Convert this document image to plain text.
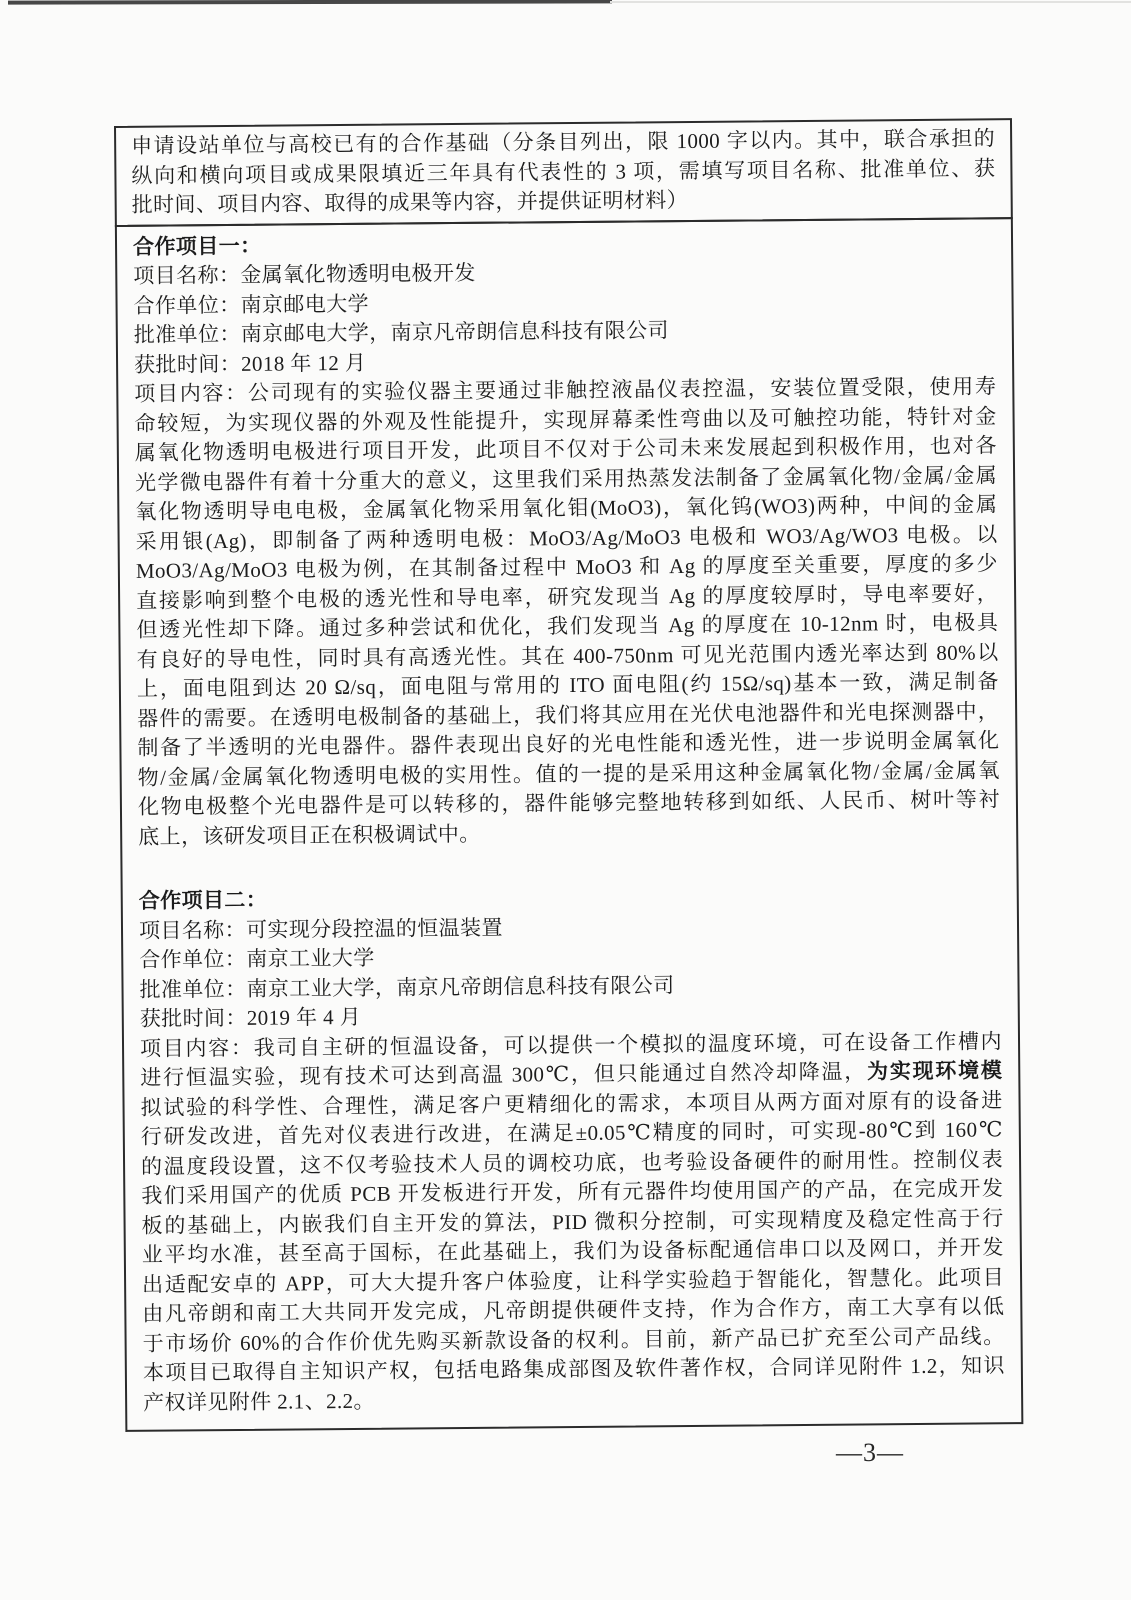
申请设站单位与高校已有的合作基础（分条目列出，限 1000 字以内。其中，联合承担的
纵向和横向项目或成果限填近三年具有代表性的 3 项，需填写项目名称、批准单位、获
批时间、项目内容、取得的成果等内容，并提供证明材料）
合作项目一：
项目名称：金属氧化物透明电极开发
合作单位：南京邮电大学
批准单位：南京邮电大学，南京凡帝朗信息科技有限公司
获批时间：2018 年 12 月
项目内容：公司现有的实验仪器主要通过非触控液晶仪表控温，安装位置受限，使用寿
命较短，为实现仪器的外观及性能提升，实现屏幕柔性弯曲以及可触控功能，特针对金
属氧化物透明电极进行项目开发，此项目不仅对于公司未来发展起到积极作用，也对各
光学微电器件有着十分重大的意义，这里我们采用热蒸发法制备了金属氧化物/金属/金属
氧化物透明导电电极，金属氧化物采用氧化钼(MoO3)，氧化钨(WO3)两种，中间的金属
采用银(Ag)，即制备了两种透明电极：MoO3/Ag/MoO3 电极和 WO3/Ag/WO3 电极。以
MoO3/Ag/MoO3 电极为例，在其制备过程中 MoO3 和 Ag 的厚度至关重要，厚度的多少
直接影响到整个电极的透光性和导电率，研究发现当 Ag 的厚度较厚时，导电率要好，
但透光性却下降。通过多种尝试和优化，我们发现当 Ag 的厚度在 10-12nm 时，电极具
有良好的导电性，同时具有高透光性。其在 400-750nm 可见光范围内透光率达到 80%以
上，面电阻到达 20 Ω/sq，面电阻与常用的 ITO 面电阻(约 15Ω/sq)基本一致，满足制备
器件的需要。在透明电极制备的基础上，我们将其应用在光伏电池器件和光电探测器中，
制备了半透明的光电器件。器件表现出良好的光电性能和透光性，进一步说明金属氧化
物/金属/金属氧化物透明电极的实用性。值的一提的是采用这种金属氧化物/金属/金属氧
化物电极整个光电器件是可以转移的，器件能够完整地转移到如纸、人民币、树叶等衬
底上，该研发项目正在积极调试中。
合作项目二：
项目名称：可实现分段控温的恒温装置
合作单位：南京工业大学
批准单位：南京工业大学，南京凡帝朗信息科技有限公司
获批时间：2019 年 4 月
项目内容：我司自主研的恒温设备，可以提供一个模拟的温度环境，可在设备工作槽内
进行恒温实验，现有技术可达到高温 300℃，但只能通过自然冷却降温，为实现环境模
拟试验的科学性、合理性，满足客户更精细化的需求，本项目从两方面对原有的设备进
行研发改进，首先对仪表进行改进，在满足±0.05℃精度的同时，可实现-80℃到 160℃
的温度段设置，这不仅考验技术人员的调校功底，也考验设备硬件的耐用性。控制仪表
我们采用国产的优质 PCB 开发板进行开发，所有元器件均使用国产的产品，在完成开发
板的基础上，内嵌我们自主开发的算法，PID 微积分控制，可实现精度及稳定性高于行
业平均水准，甚至高于国标，在此基础上，我们为设备标配通信串口以及网口，并开发
出适配安卓的 APP，可大大提升客户体验度，让科学实验趋于智能化，智慧化。此项目
由凡帝朗和南工大共同开发完成，凡帝朗提供硬件支持，作为合作方，南工大享有以低
于市场价 60%的合作价优先购买新款设备的权利。目前，新产品已扩充至公司产品线。
本项目已取得自主知识产权，包括电路集成部图及软件著作权，合同详见附件 1.2，知识
产权详见附件 2.1、2.2。
—3—
